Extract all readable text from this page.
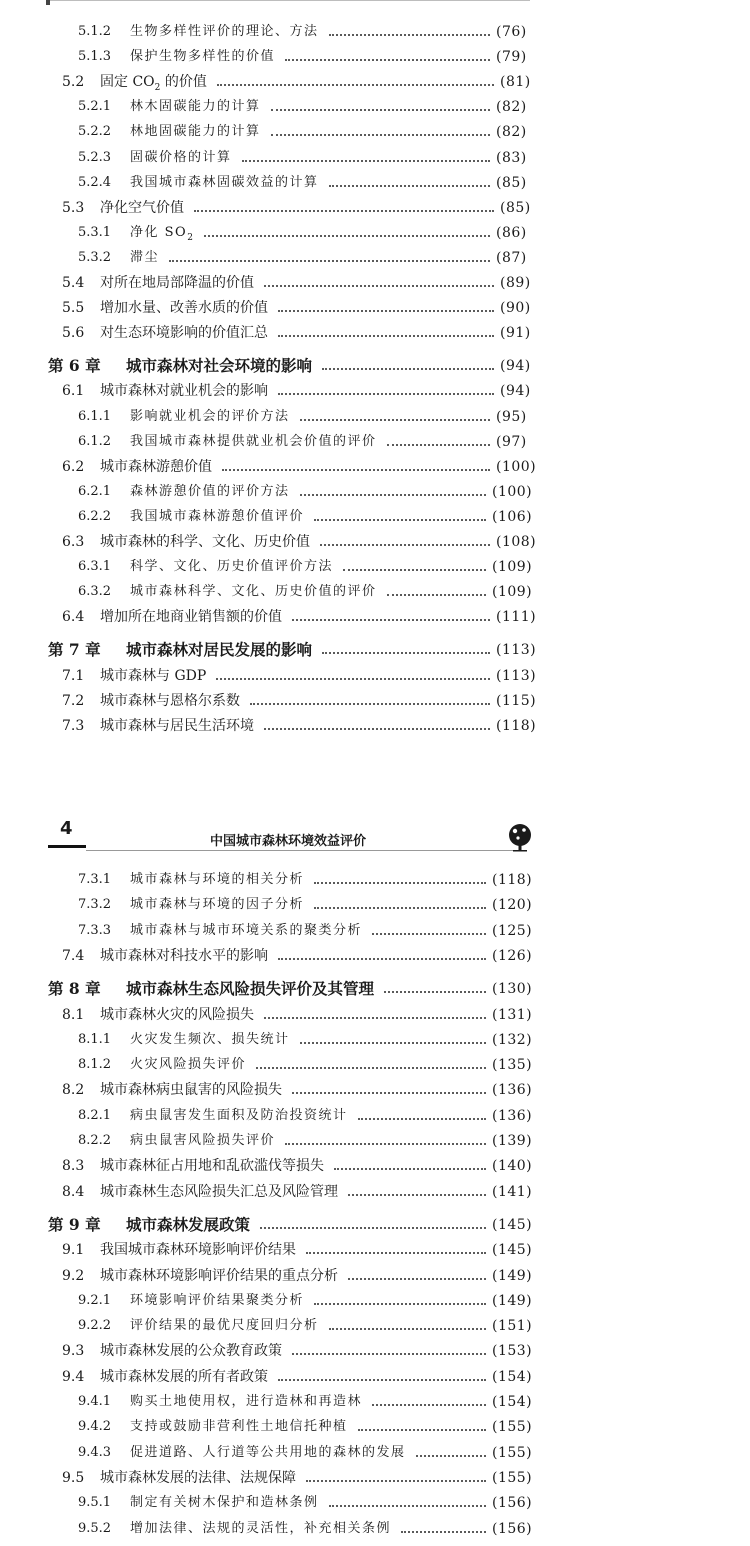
5.1.2 生物多样性评价的理论、方法	(76)
5.1.3 保护生物多样性的价值	(79)
5.2 固定 $CO_2$ 的价值	(81)
5.2.1 林木固碳能力的计算	(82)
5.2.2 林地固碳能力的计算	(82)
5.2.3 固碳价格的计算	(83)
5.2.4 我国城市森林固碳效益的计算	(85)
5.3 净化空气价值	(85)
5.3.1 净化 $SO_2$	(86)
5.3.2 滞尘	(87)
5.4 对所在地局部降温的价值	(89)
5.5 增加水量、改善水质的价值	(90)
5.6 对生态环境影响的价值汇总	(91)
第 6 章 城市森林对社会环境的影响	(94)
6.1 城市森林对就业机会的影响	(94)
6.1.1 影响就业机会的评价方法	(95)
6.1.2 我国城市森林提供就业机会价值的评价	(97)
6.2 城市森林游憩价值	(100)
6.2.1 森林游憩价值的评价方法	(100)
6.2.2 我国城市森林游憩价值评价	(106)
6.3 城市森林的科学、文化、历史价值	(108)
6.3.1 科学、文化、历史价值评价方法	(109)
6.3.2 城市森林科学、文化、历史价值的评价	(109)
6.4 增加所在地商业销售额的价值	(111)
第 7 章 城市森林对居民发展的影响	(113)
7.1 城市森林与 GDP	(113)
7.2 城市森林与恩格尔系数	(115)
7.3 城市森林与居民生活环境	(118)
4
中国城市森林环境效益评价
7.3.1 城市森林与环境的相关分析	(118)
7.3.2 城市森林与环境的因子分析	(120)
7.3.3 城市森林与城市环境关系的聚类分析	(125)
7.4 城市森林对科技水平的影响	(126)
第 8 章 城市森林生态风险损失评价及其管理	(130)
8.1 城市森林火灾的风险损失	(131)
8.1.1 火灾发生频次、损失统计	(132)
8.1.2 火灾风险损失评价	(135)
8.2 城市森林病虫鼠害的风险损失	(136)
8.2.1 病虫鼠害发生面积及防治投资统计	(136)
8.2.2 病虫鼠害风险损失评价	(139)
8.3 城市森林征占用地和乱砍滥伐等损失	(140)
8.4 城市森林生态风险损失汇总及风险管理	(141)
第 9 章 城市森林发展政策	(145)
9.1 我国城市森林环境影响评价结果	(145)
9.2 城市森林环境影响评价结果的重点分析	(149)
9.2.1 环境影响评价结果聚类分析	(149)
9.2.2 评价结果的最优尺度回归分析	(151)
9.3 城市森林发展的公众教育政策	(153)
9.4 城市森林发展的所有者政策	(154)
9.4.1 购买土地使用权，进行造林和再造林	(154)
9.4.2 支持或鼓励非营利性土地信托种植	(155)
9.4.3 促进道路、人行道等公共用地的森林的发展	(155)
9.5 城市森林发展的法律、法规保障	(155)
9.5.1 制定有关树木保护和造林条例	(156)
9.5.2 增加法律、法规的灵活性，补充相关条例	(156)
